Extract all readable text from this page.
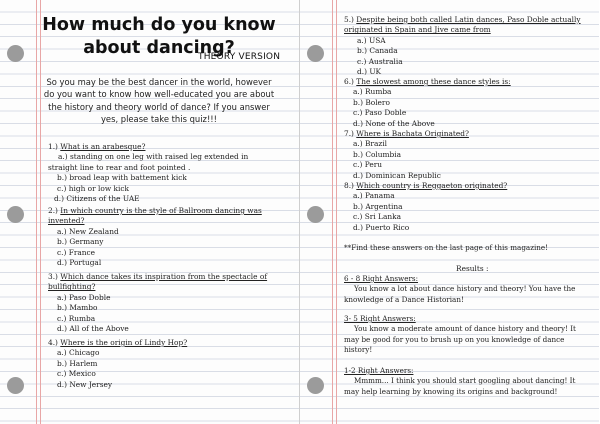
How much do you know about dancing?
THEORY VERSION
So you may be the best dancer in the world, however do you want to know how well-educated you are about the history and theory world of dance? If you answer yes, please take this quiz!!!
1.) What is an arabesque?
a.) standing on one leg with raised leg extended in straight line to rear and foot pointed .
b.) broad leap with battement kick
c.) high or low kick
d.) Citizens of the UAE
2.) In which country is the style of Ballroom dancing was invented?
a.) New Zealand
b.) Germany
c.) France
d.) Portugal
3.) Which dance takes its inspiration from the spectacle of bullfighting?
a.) Paso Doble
b.) Mambo
c.) Rumba
d.) All of the Above
4.) Where is the origin of Lindy Hop?
a.) Chicago
b.) Harlem
c.) Mexico
d.) New Jersey
5.) Despite being both called Latin dances, Paso Doble actually originated in Spain and Jive came from
a.) USA
b.) Canada
c.) Australia
d.) UK
6.) The slowest among these dance styles is:
a.) Rumba
b.) Bolero
c.) Paso Doble
d.) None of the Above
7.) Where is Bachata Originated?
a.) Brazil
b.) Columbia
c.) Peru
d.) Dominican Republic
8.) Which country is Reggaeton originated?
a.) Panama
b.) Argentina
c.) Sri Lanka
d.) Puerto Rico
**Find these answers on the last page of this magazine!
Results :
6 - 8 Right Answers:
You know a lot about dance history and theory! You have the knowledge of a Dance Historian!
3- 5 Right Answers:
You know a moderate amount of dance history and theory! It may be good for you to brush up on you knowledge of dance history!
1-2 Right Answers:
Mmmm... I think you should start googling about dancing! It may help learning by knowing its origins and background!
